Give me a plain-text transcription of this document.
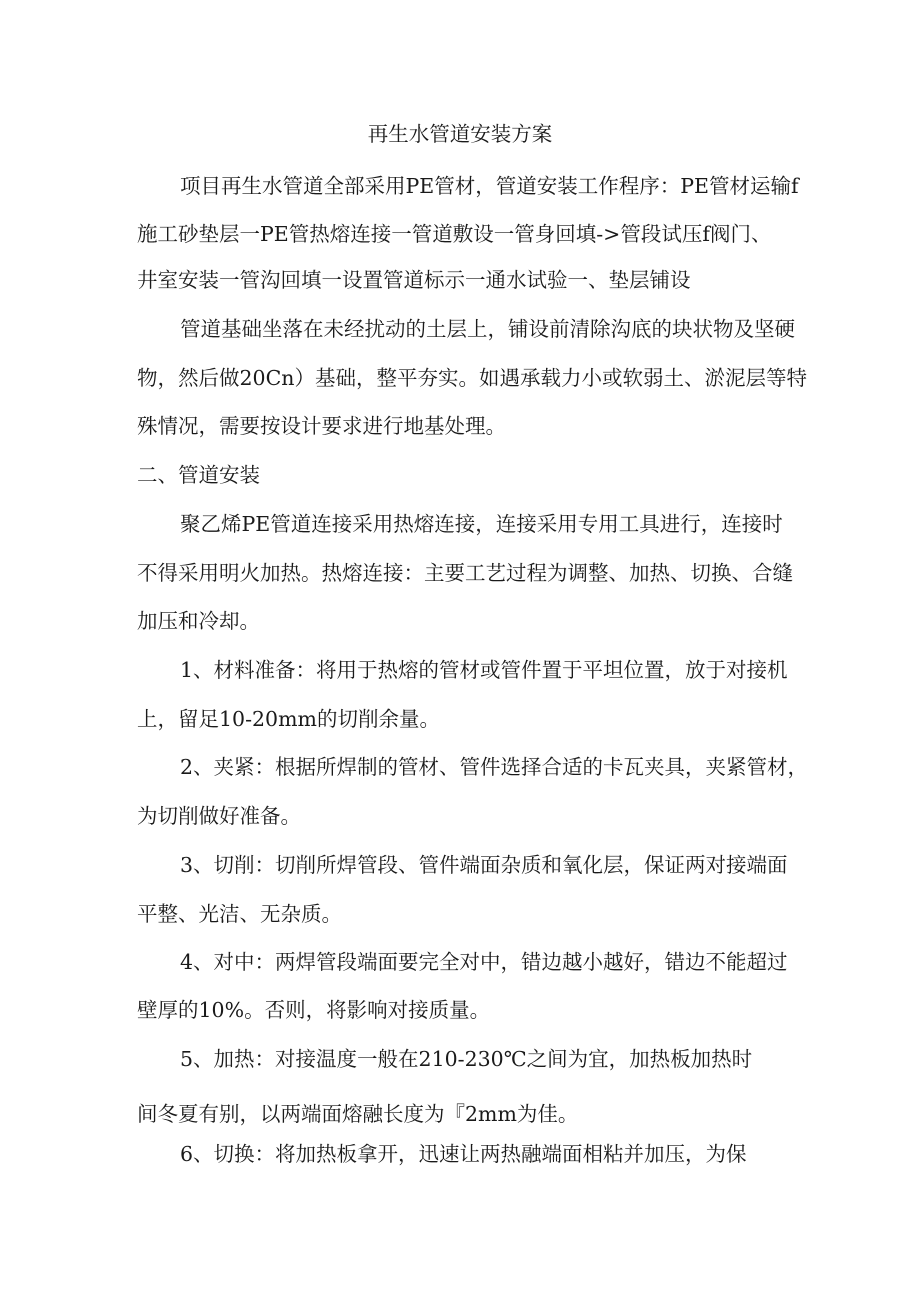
再生水管道安装方案
项目再生水管道全部采用PE管材，管道安装工作程序：PE管材运输f
施工砂垫层一PE管热熔连接一管道敷设一管身回填->管段试压f阀门、
井室安装一管沟回填一设置管道标示一通水试验一、垫层铺设
管道基础坐落在未经扰动的土层上，铺设前清除沟底的块状物及坚硬
物，然后做20Cn）基础，整平夯实。如遇承载力小或软弱土、淤泥层等特
殊情况，需要按设计要求进行地基处理。
二、管道安装
聚乙烯PE管道连接采用热熔连接，连接采用专用工具进行，连接时
不得采用明火加热。热熔连接：主要工艺过程为调整、加热、切换、合缝
加压和冷却。
1、材料准备：将用于热熔的管材或管件置于平坦位置，放于对接机
上，留足10-20mm的切削余量。
2、夹紧：根据所焊制的管材、管件选择合适的卡瓦夹具，夹紧管材，
为切削做好准备。
3、切削：切削所焊管段、管件端面杂质和氧化层，保证两对接端面
平整、光洁、无杂质。
4、对中：两焊管段端面要完全对中，错边越小越好，错边不能超过
壁厚的10%。否则，将影响对接质量。
5、加热：对接温度一般在210-230℃之间为宜，加热板加热时
间冬夏有别，以两端面熔融长度为『2mm为佳。
6、切换：将加热板拿开，迅速让两热融端面相粘并加压，为保
